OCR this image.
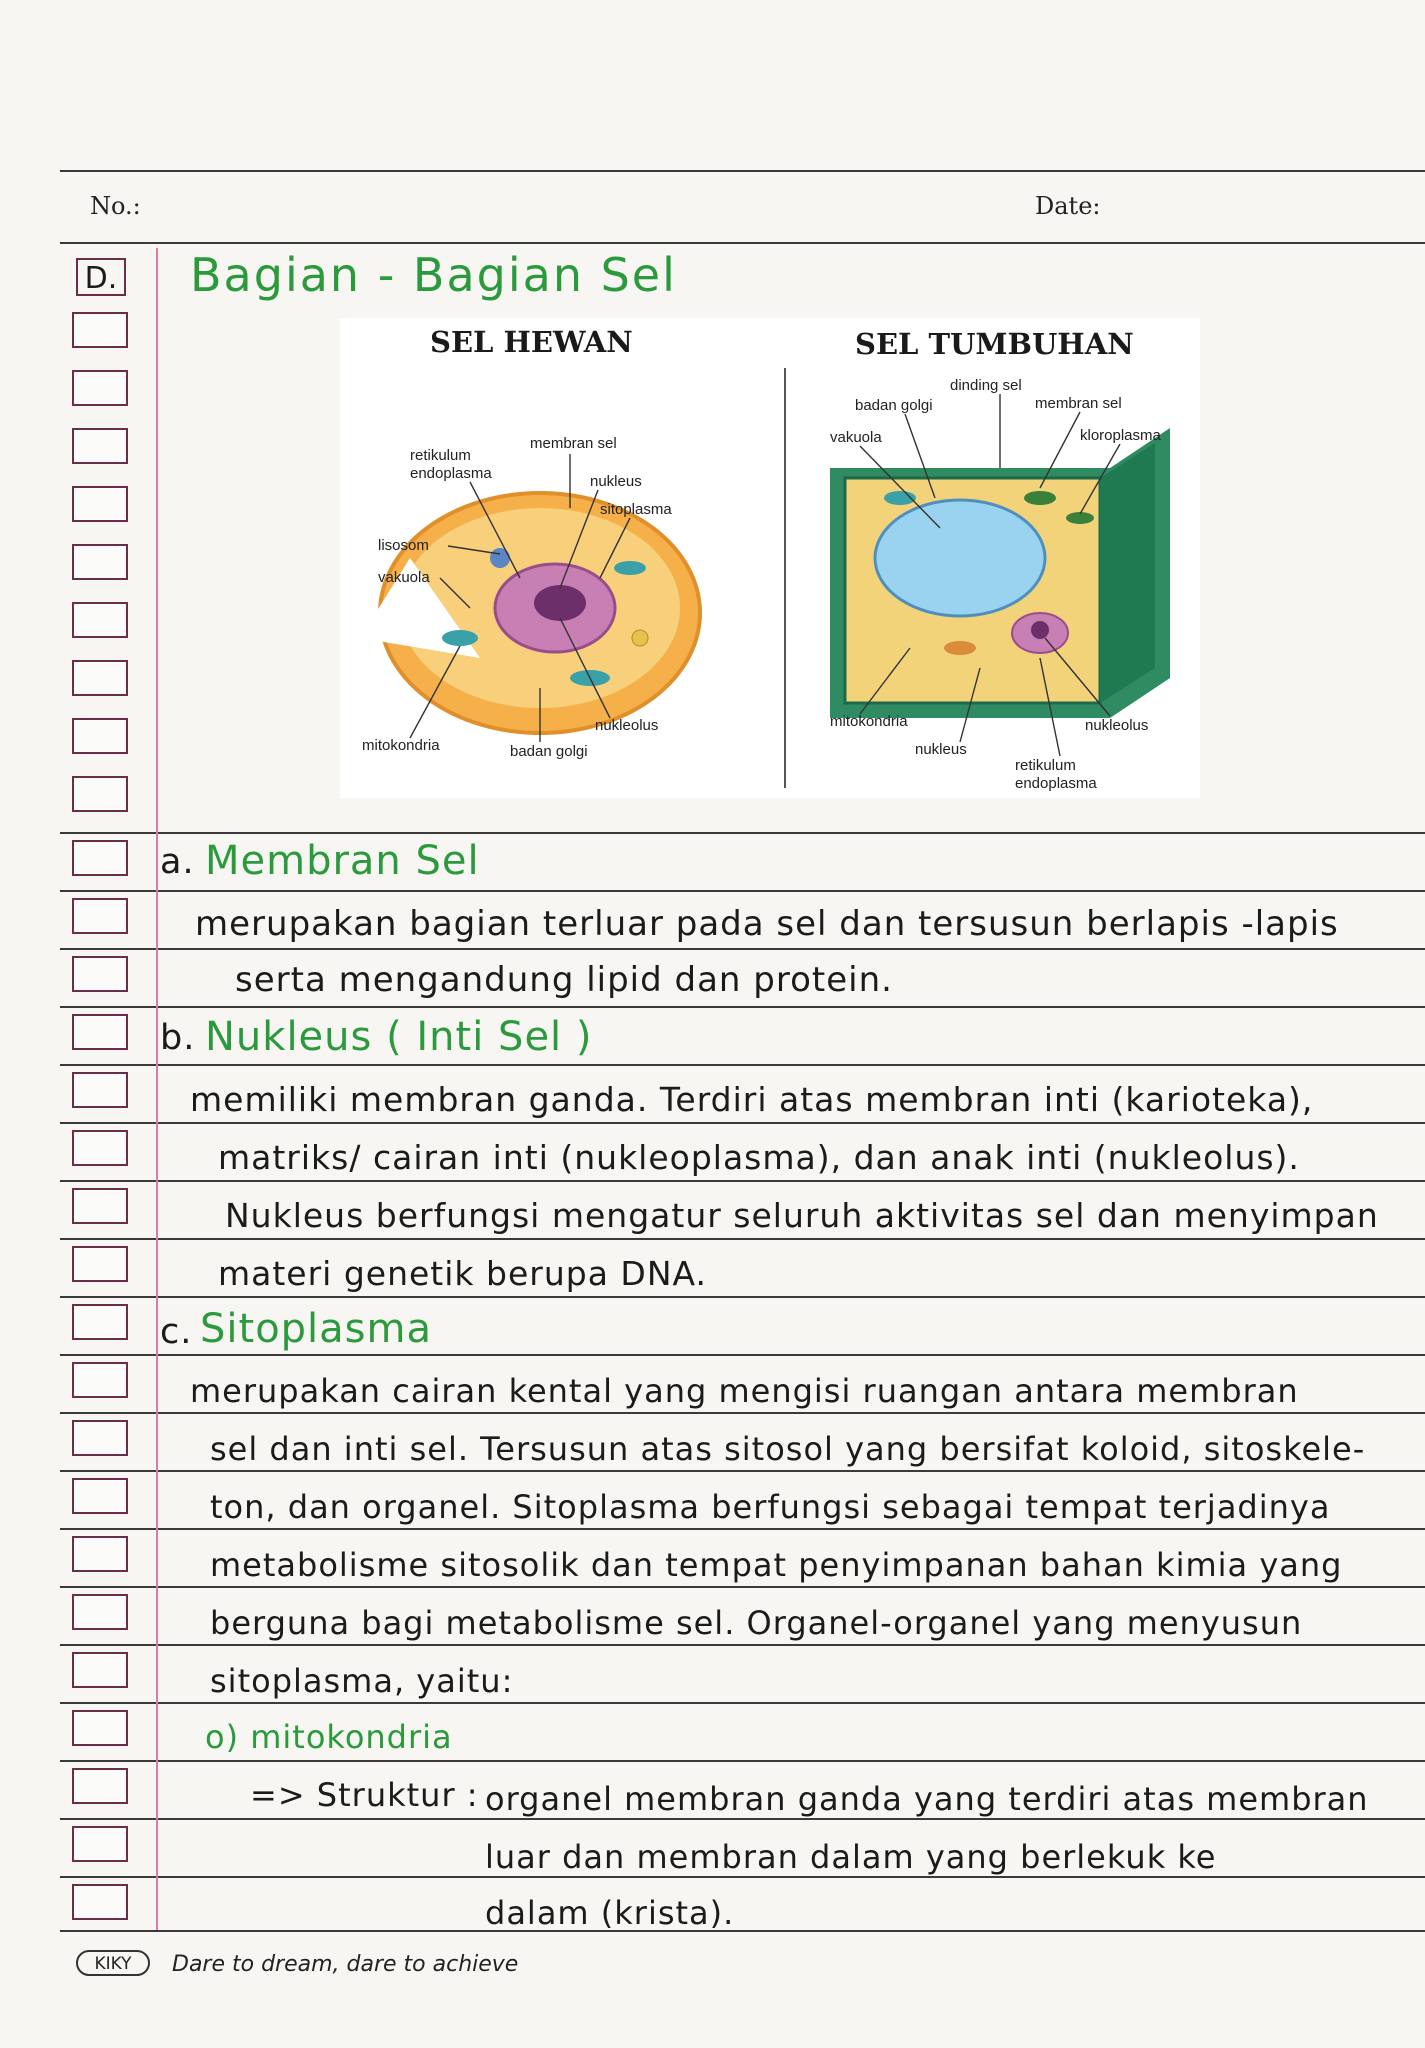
No.:	Date:
D. Bagian - Bagian Sel
SEL HEWAN
retikulum
endoplasma
membran sel
nukleus
sitoplasma
lisosom
vakuola
nukleolus
mitokondria	badan golgi
SEL TUMBUHAN
dinding sel
badan golgi	membran sel
vakuola	kloroplasma
mitokondria	nukleolus
nukleus
retikulum
endoplasma
a. Membran Sel
merupakan bagian terluar pada sel dan tersusun berlapis -lapis
serta mengandung lipid dan protein.
b. Nukleus ( Inti Sel )
memiliki membran ganda. Terdiri atas membran inti (karioteka),
matriks/ cairan inti (nukleoplasma), dan anak inti (nukleolus).
Nukleus berfungsi mengatur seluruh aktivitas sel dan menyimpan
materi genetik berupa DNA.
c. Sitoplasma
merupakan cairan kental yang mengisi ruangan antara membran
sel dan inti sel. Tersusun atas sitosol yang bersifat koloid, sitoskele-
ton, dan organel. Sitoplasma berfungsi sebagai tempat terjadinya
metabolisme sitosolik dan tempat penyimpanan bahan kimia yang
berguna bagi metabolisme sel. Organel-organel yang menyusun
sitoplasma, yaitu:
o) mitokondria
=> Struktur : organel membran ganda yang terdiri atas membran
luar dan membran dalam yang berlekuk ke
dalam (krista).
KIKY	Dare to dream, dare to achieve
